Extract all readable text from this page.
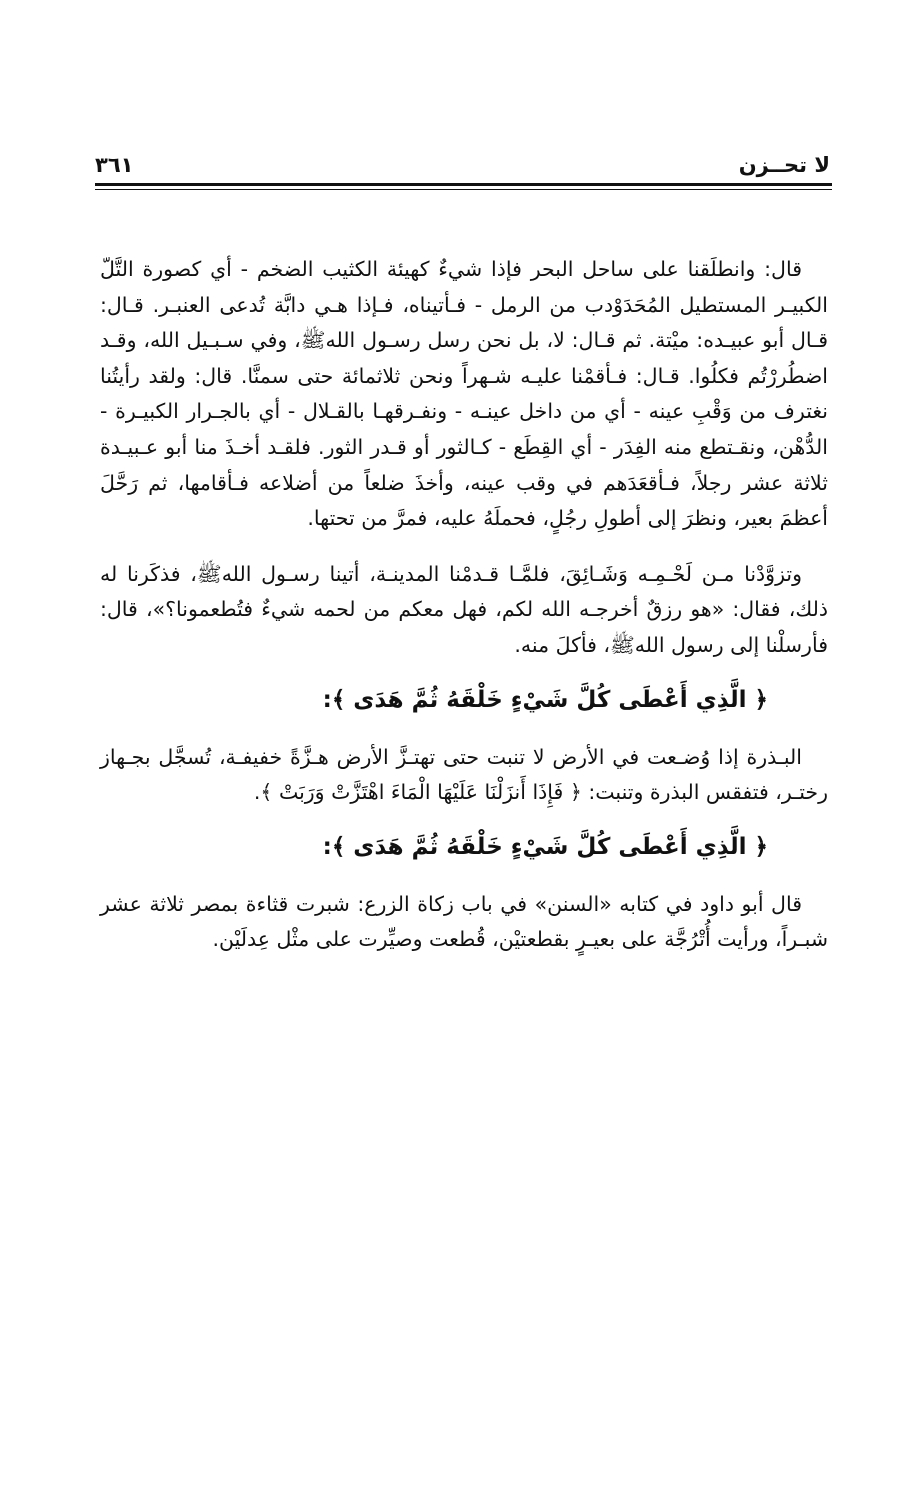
لا تحــزن
٣٦١

قال: وانطلَقنا على ساحل البحر فإذا شيءٌ كهيئة الكثيب الضخم - أي كصورة التَّلّ الكبيـر المستطيل المُحَدَوْدب من الرمل - فـأتيناه، فـإذا هـي دابَّة تُدعى العنبـر. قـال: قـال أبو عبيـده: ميْتة. ثم قـال: لا، بل نحن رسل رسـول اللهﷺ، وفي سـبـيل الله، وقـد اضطُررْتُم فكلُوا. قـال: فـأقمْنا عليـه شـهراً ونحن ثلاثمائة حتى سمنَّا. قال: ولقد رأيتُنا نغترف من وَقْبِ عينه - أي من داخل عينـه - ونفـرقهـا بالقـلال - أي بالجـرار الكبيـرة - الدُّهْن، ونقـتطع منه الفِدَر - أي القِطَع - كـالثور أو قـدر الثور. فلقـد أخـذَ منا أبو عـبيـدة ثلاثة عشر رجلاً، فـأقعَدَهم في وقب عينه، وأخذَ ضلعاً من أضلاعه فـأقامها، ثم رَحَّلَ أعظمَ بعير، ونظرَ إلى أطولِ رجُلٍ، فحملَهُ عليه، فمرَّ من تحتها.

وتزوَّدْنا مـن لَحْـمِـه وَشَـائِقَ، فلمَّـا قـدمْنا المدينـة، أتينا رسـول اللهﷺ، فذكَرنا له ذلك، فقال: «هو رزقٌ أخرجـه الله لكم، فهل معكم من لحمه شيءٌ فتُطعمونا؟»، قال: فأرسلْنا إلى رسول اللهﷺ، فأكلَ منه.

﴿ الَّذِي أَعْطَى كُلَّ شَيْءٍ خَلْقَهُ ثُمَّ هَدَى ﴾:

البـذرة إذا وُضـعت في الأرض لا تنبت حتى تهتـزَّ الأرض هـزَّةً خفيفـة، تُسجَّل بجـهاز رختـر، فتفقس البذرة وتنبت: ﴿ فَإِذَا أَنزَلْنَا عَلَيْهَا الْمَاءَ اهْتَزَّتْ وَرَبَتْ ﴾.

﴿ الَّذِي أَعْطَى كُلَّ شَيْءٍ خَلْقَهُ ثُمَّ هَدَى ﴾:

قال أبو داود في كتابه «السنن» في باب زكاة الزرع: شبرت قثاءة بمصر ثلاثة عشر شبـراً، ورأيت أُتْرُجَّة على بعيـرٍ بقطعتيْن، قُطعت وصيِّرت على مثْل عِدلَيْن.
